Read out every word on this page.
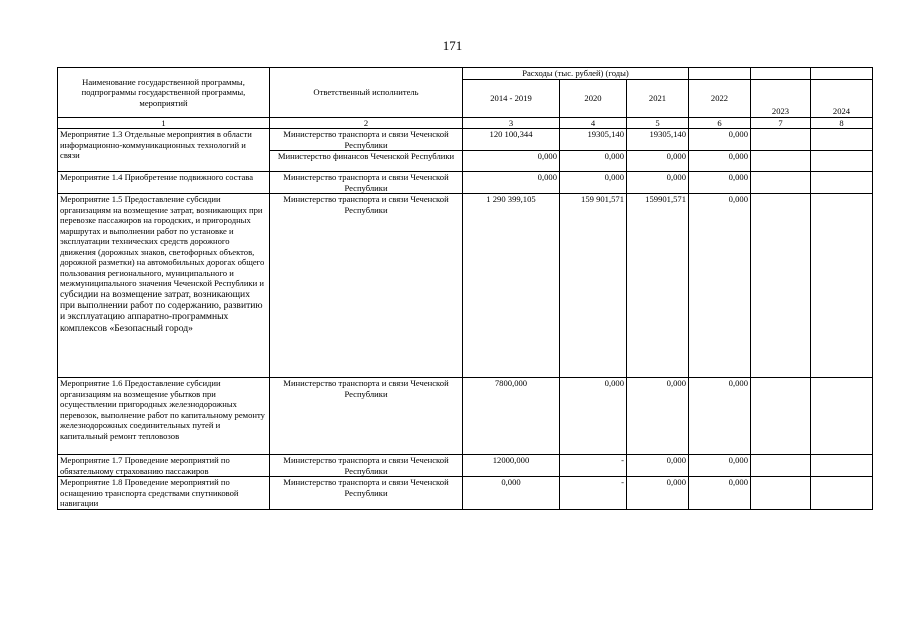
171
Наименование государственной программы, подпрограммы государственной программы, мероприятий	Ответственный исполнитель	Расходы (тыс. рублей) (годы)					
		2014 - 2019	2020	2021	2022	2023	2024
1	2	3	4	5	6	7	8
Мероприятие 1.3 Отдельные мероприятия в области информационно-коммуникационных технологий и связи	Министерство транспорта и связи Чеченской Республики	120 100,344	19305,140	19305,140	0,000		
	Министерство финансов Чеченской Республики	0,000	0,000	0,000	0,000		
Мероприятие 1.4 Приобретение подвижного состава	Министерство транспорта и связи Чеченской Республики	0,000	0,000	0,000	0,000		
Мероприятие 1.5 Предоставление субсидии организациям на возмещение затрат, возникающих при перевозке пассажиров на городских, и пригородных маршрутах и выполнении работ по установке и эксплуатации технических средств дорожного движения (дорожных знаков, светофорных объектов, дорожной разметки) на автомобильных дорогах общего пользования регионального, муниципального и межмуниципального значения Чеченской Республики и субсидии на возмещение затрат, возникающих при выполнении работ по содержанию, развитию и эксплуатацию аппаратно-программных комплексов «Безопасный город»	Министерство транспорта и связи Чеченской Республики	1 290 399,105	159 901,571	159901,571	0,000		
Мероприятие 1.6 Предоставление субсидии организациям на возмещение убытков при осуществлении пригородных железнодорожных перевозок, выполнение работ по капитальному ремонту железнодорожных соединительных путей и капитальный ремонт тепловозов	Министерство транспорта и связи Чеченской Республики	7800,000	0,000	0,000	0,000		
Мероприятие 1.7 Проведение мероприятий по обязательному страхованию пассажиров	Министерство транспорта и связи Чеченской Республики	12000,000	-	0,000	0,000		
Мероприятие 1.8 Проведение мероприятий по оснащению транспорта средствами спутниковой навигации	Министерство транспорта и связи Чеченской Республики	0,000	-	0,000	0,000		
